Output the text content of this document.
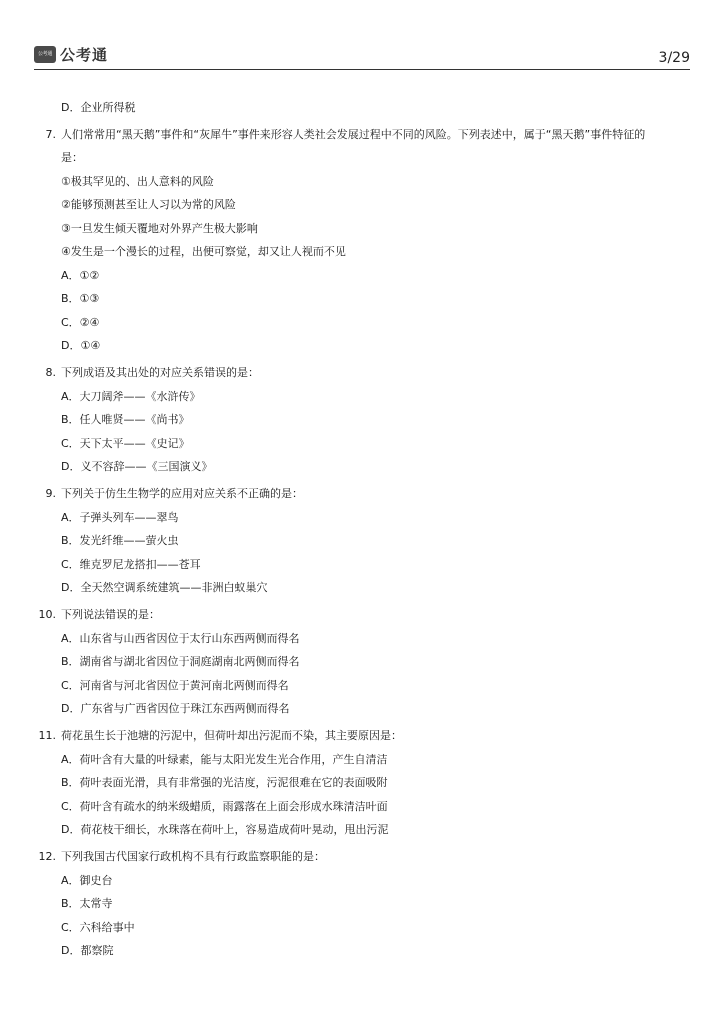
公考通 公考通	3/29
D．企业所得税
7. 人们常常用“黑天鹅”事件和“灰犀牛”事件来形容人类社会发展过程中不同的风险。下列表述中，属于“黑天鹅”事件特征的
是：
①极其罕见的、出人意料的风险
②能够预测甚至让人习以为常的风险
③一旦发生倾天覆地对外界产生极大影响
④发生是一个漫长的过程，出便可察觉，却又让人视而不见
A．①②
B．①③
C．②④
D．①④
8. 下列成语及其出处的对应关系错误的是：
A．大刀阔斧——《水浒传》
B．任人唯贤——《尚书》
C．天下太平——《史记》
D．义不容辞——《三国演义》
9. 下列关于仿生生物学的应用对应关系不正确的是：
A．子弹头列车——翠鸟
B．发光纤维——萤火虫
C．维克罗尼龙搭扣——苍耳
D．全天然空调系统建筑——非洲白蚁巢穴
10. 下列说法错误的是：
A．山东省与山西省因位于太行山东西两侧而得名
B．湖南省与湖北省因位于洞庭湖南北两侧而得名
C．河南省与河北省因位于黄河南北两侧而得名
D．广东省与广西省因位于珠江东西两侧而得名
11. 荷花虽生长于池塘的污泥中，但荷叶却出污泥而不染，其主要原因是：
A．荷叶含有大量的叶绿素，能与太阳光发生光合作用，产生自清洁
B．荷叶表面光滑，具有非常强的光洁度，污泥很难在它的表面吸附
C．荷叶含有疏水的纳米级蜡质，雨露落在上面会形成水珠清洁叶面
D．荷花枝干细长，水珠落在荷叶上，容易造成荷叶晃动，甩出污泥
12. 下列我国古代国家行政机构不具有行政监察职能的是：
A．御史台
B．太常寺
C．六科给事中
D．都察院
